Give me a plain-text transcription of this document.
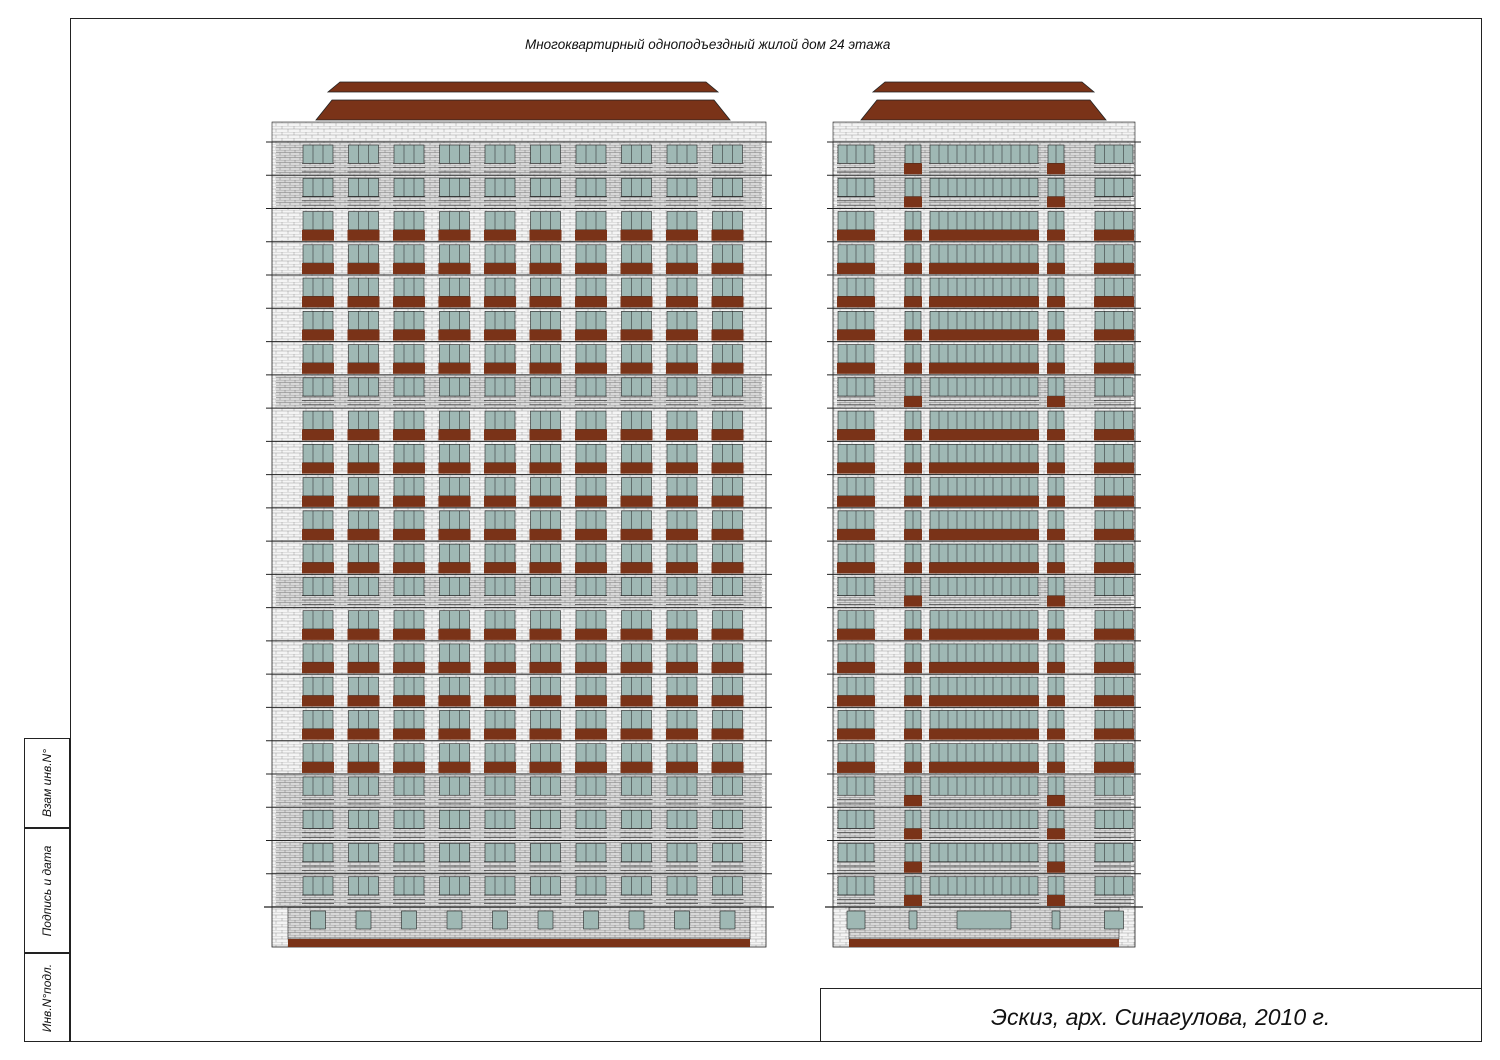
Взам инв.N°
Подпись и дата
Инв.N°подл.
Многоквартирный одноподъездный жилой дом 24 этажа
Эскиз, арх. Синагулова, 2010 г.
